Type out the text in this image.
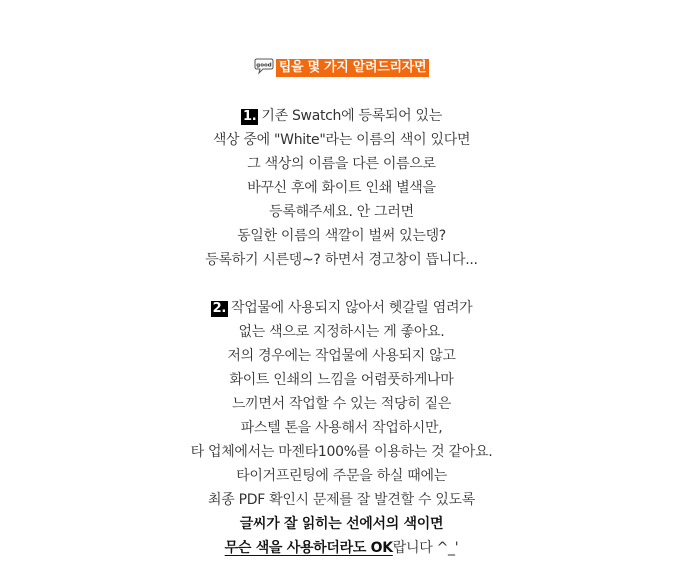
good 팁을 몇 가지 알려드리자면
1. 기존 Swatch에 등록되어 있는
색상 중에 "White"라는 이름의 색이 있다면
그 색상의 이름을 다른 이름으로
바꾸신 후에 화이트 인쇄 별색을
등록해주세요. 안 그러면
동일한 이름의 색깔이 벌써 있는뎅?
등록하기 시른뎅~? 하면서 경고창이 뜹니다...
2. 작업물에 사용되지 않아서 헷갈릴 염려가
없는 색으로 지정하시는 게 좋아요.
저의 경우에는 작업물에 사용되지 않고
화이트 인쇄의 느낌을 어렴풋하게나마
느끼면서 작업할 수 있는 적당히 짙은
파스텔 톤을 사용해서 작업하시만,
타 업체에서는 마젠타100%를 이용하는 것 같아요.
타이거프린팅에 주문을 하실 때에는
최종 PDF 확인시 문제를 잘 발견할 수 있도록
글씨가 잘 읽히는 선에서의 색이면
무슨 색을 사용하더라도 OK랍니다 ^_'
